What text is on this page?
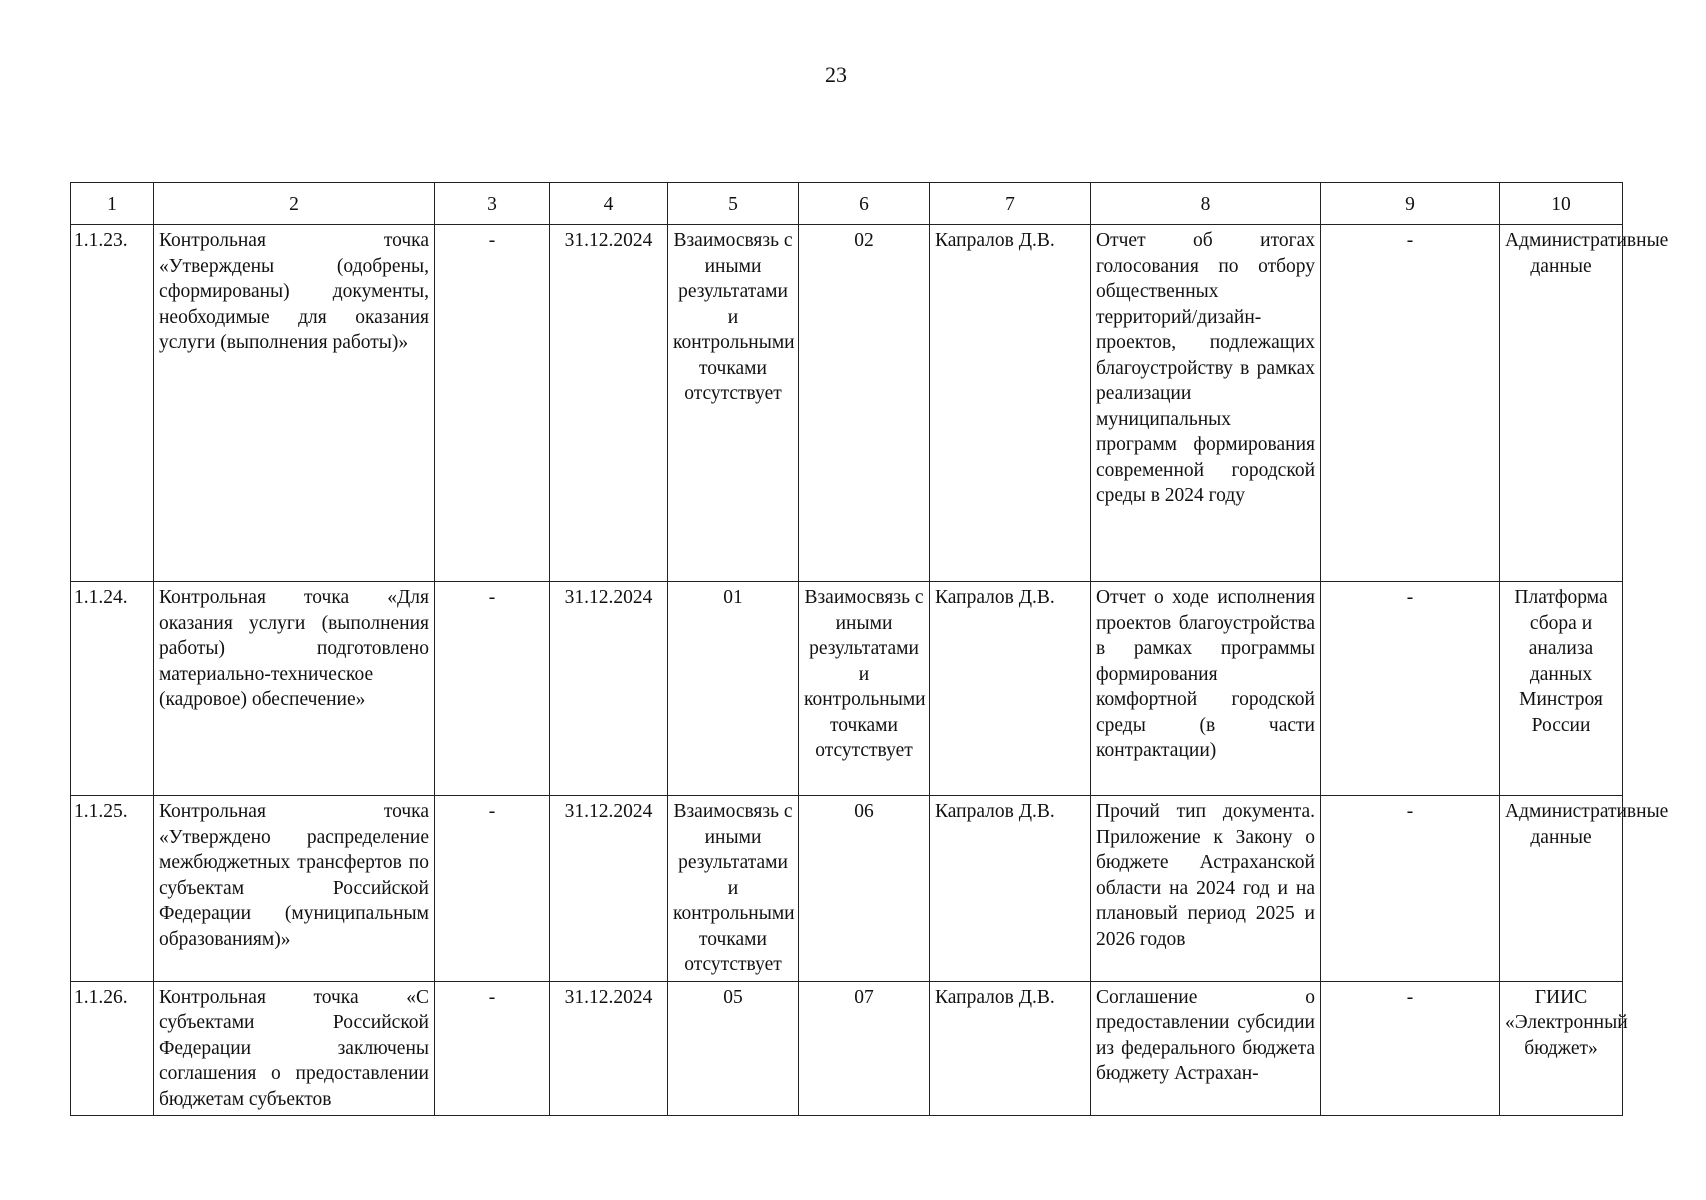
23
1	2	3	4	5	6	7	8	9	10
1.1.23.	Контрольная точка «Утверждены (одобрены, сформированы) документы, необходимые для оказания услуги (выполнения работы)»	-	31.12.2024	Взаимосвязь с иными результатами и контрольными точками отсутствует	02	Капралов Д.В.	Отчет об итогах голосования по отбору общественных территорий/дизайн-проектов, подлежащих благоустройству в рамках реализации муниципальных программ формирования современной городской среды в 2024 году	-	Административные данные
1.1.24.	Контрольная точка «Для оказания услуги (выполнения работы) подготовлено материально-техническое (кадровое) обеспечение»	-	31.12.2024	01	Взаимосвязь с иными результатами и контрольными точками отсутствует	Капралов Д.В.	Отчет о ходе исполнения проектов благоустройства в рамках программы формирования комфортной городской среды (в части контрактации)	-	Платформа сбора и анализа данных Минстроя России
1.1.25.	Контрольная точка «Утверждено распределение межбюджетных трансфертов по субъектам Российской Федерации (муниципальным образованиям)»	-	31.12.2024	Взаимосвязь с иными результатами и контрольными точками отсутствует	06	Капралов Д.В.	Прочий тип документа. Приложение к Закону о бюджете Астраханской области на 2024 год и на плановый период 2025 и 2026 годов	-	Административные данные
1.1.26.	Контрольная точка «С субъектами Российской Федерации заключены соглашения о предоставлении бюджетам субъектов	-	31.12.2024	05	07	Капралов Д.В.	Соглашение о предоставлении субсидии из федерального бюджета бюджету Астрахан-	-	ГИИС «Электронный бюджет»
